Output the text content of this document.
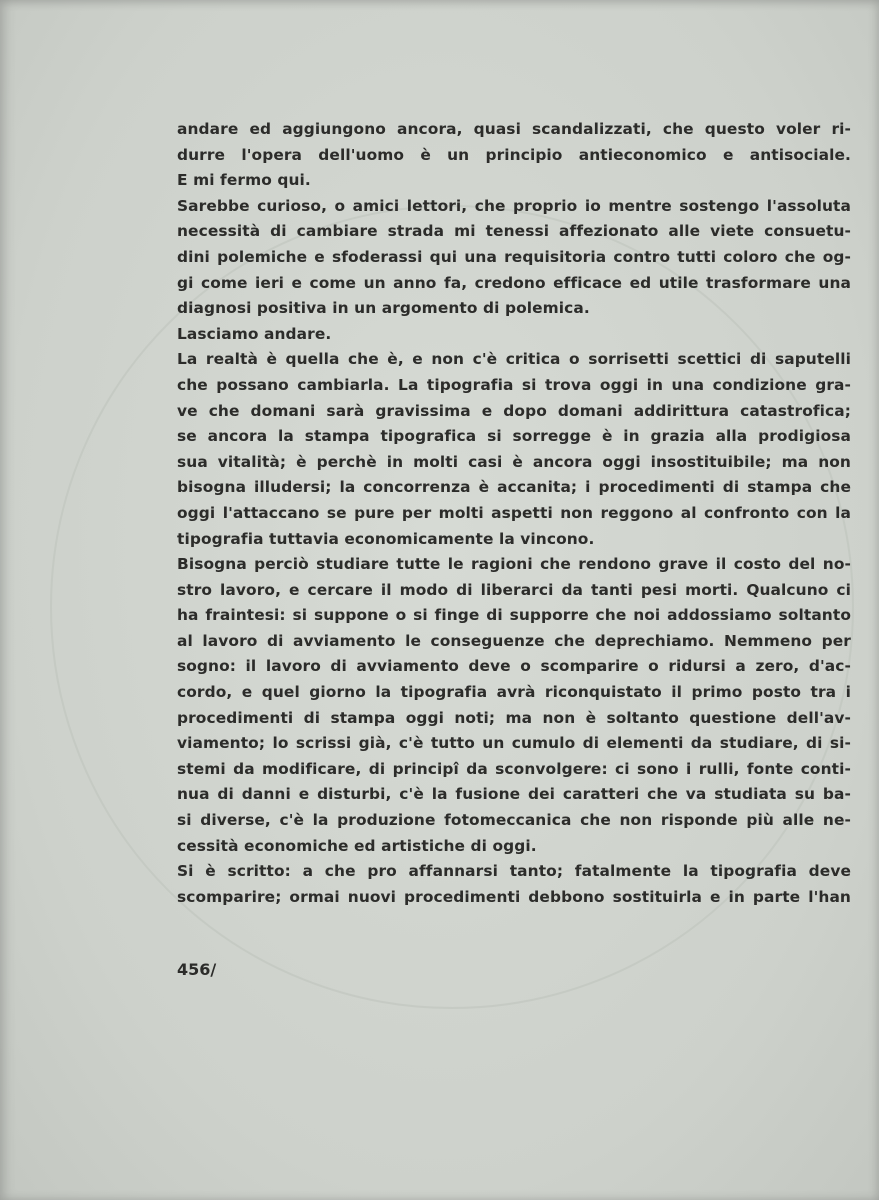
andare ed aggiungono ancora, quasi scandalizzati, che questo voler ri-
durre l'opera dell'uomo è un principio antieconomico e antisociale.
E mi fermo qui.
Sarebbe curioso, o amici lettori, che proprio io mentre sostengo l'assoluta
necessità di cambiare strada mi tenessi affezionato alle viete consuetu-
dini polemiche e sfoderassi qui una requisitoria contro tutti coloro che og-
gi come ieri e come un anno fa, credono efficace ed utile trasformare una
diagnosi positiva in un argomento di polemica.
Lasciamo andare.
La realtà è quella che è, e non c'è critica o sorrisetti scettici di saputelli
che possano cambiarla. La tipografia si trova oggi in una condizione gra-
ve che domani sarà gravissima e dopo domani addirittura catastrofica;
se ancora la stampa tipografica si sorregge è in grazia alla prodigiosa
sua vitalità; è perchè in molti casi è ancora oggi insostituibile; ma non
bisogna illudersi; la concorrenza è accanita; i procedimenti di stampa che
oggi l'attaccano se pure per molti aspetti non reggono al confronto con la
tipografia tuttavia economicamente la vincono.
Bisogna perciò studiare tutte le ragioni che rendono grave il costo del no-
stro lavoro, e cercare il modo di liberarci da tanti pesi morti. Qualcuno ci
ha fraintesi: si suppone o si finge di supporre che noi addossiamo soltanto
al lavoro di avviamento le conseguenze che deprechiamo. Nemmeno per
sogno: il lavoro di avviamento deve o scomparire o ridursi a zero, d'ac-
cordo, e quel giorno la tipografia avrà riconquistato il primo posto tra i
procedimenti di stampa oggi noti; ma non è soltanto questione dell'av-
viamento; lo scrissi già, c'è tutto un cumulo di elementi da studiare, di si-
stemi da modificare, di principî da sconvolgere: ci sono i rulli, fonte conti-
nua di danni e disturbi, c'è la fusione dei caratteri che va studiata su ba-
si diverse, c'è la produzione fotomeccanica che non risponde più alle ne-
cessità economiche ed artistiche di oggi.
Si è scritto: a che pro affannarsi tanto; fatalmente la tipografia deve
scomparire; ormai nuovi procedimenti debbono sostituirla e in parte l'han
456/
